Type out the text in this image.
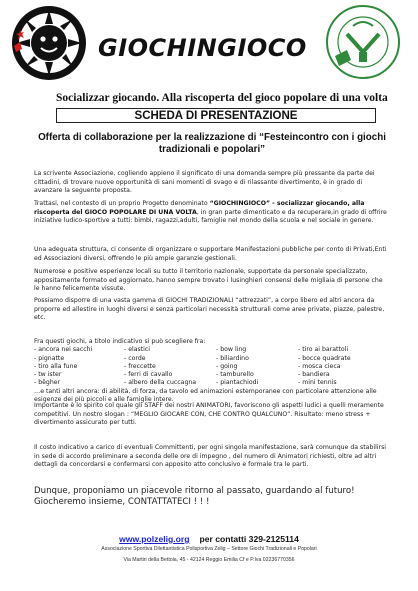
GIOCHINGIOCO
Socializzar giocando. Alla riscoperta del gioco popolare di una volta
SCHEDA DI PRESENTAZIONE
Offerta di collaborazione per la realizzazione di “Festeincontro con i giochi tradizionali e popolari”
La scrivente Associazione, cogliendo appieno il significato di una domanda sempre più pressante da parte dei cittadini, di trovare nuove opportunità di sani momenti di svago e di rilassante divertimento, è in grado di avanzare la seguente proposta.
Trattasi, nel contesto di un proprio Progetto denominato “GIOCHINGIOCO” - socializzar giocando, alla riscoperta del GIOCO POPOLARE DI UNA VOLTA, in gran parte dimenticato e da recuperare,in grado di offrire iniziative ludico-sportive a tutti: bimbi, ragazzi,adulti, famiglie nel mondo della scuola e nel sociale in genere.
Una adeguata struttura, ci consente di organizzare o supportare Manifestazioni pubbliche per conto di Privati,Enti ed Associazioni diversi, offrendo le più ampie garanzie gestionali.
Numerose e positive esperienze locali su tutto il territorio nazionale, supportate da personale specializzato, appositamente formato ed aggiornato, hanno sempre trovato i lusinghieri consensi delle migliaia di persone che le hanno felicemente vissute.
Possiamo disporre di una vasta gamma di GIOCHI TRADIZIONALI “attrezzati”, a corpo libero ed altri ancora da proporre ed allestire in luoghi diversi e senza particolari necessità strutturali come aree private, piazze, palestre, etc.
Fra questi giochi, a titolo indicativo si può scegliere fra:
- ancora nei sacchi	- elastici	- bow ling	- tiro ai barattoli
- pignatte	- corde	- biliardino	- bocce quadrate
- tiro alla fune	- freccette	- going	- mosca cieca
- tw ister	- ferri di cavallo	- tamburello	- bandiera
- bëgher	- albero della cuccagna	- piantachiodi	- mini tennis
…e tanti altri ancora: di abilità, di forza, da tavolo ed animazioni estemporanee con particolare attenzione alle esigenze dei più piccoli e alle famiglie intere.
Importante è lo spirito col quale gli STAFF dei nostri ANIMATORI, favoriscono gli aspetti ludici a quelli meramente competitivi. Un nostro slogan : “MEGLIO GIOCARE CON, CHE CONTRO QUALCUNO”. Risultato: meno stress + divertimento assicurato per tutti.
Il costo indicativo a carico di eventuali Committenti, per ogni singola manifestazione, sarà comunque da stabilirsi in sede di accordo preliminare a seconda delle ore di impegno , del numero di Animatori richiesti, oltre ad altri dettagli da concordarsi e confermarsi con apposito atto conclusivo e formale tra le parti.
Dunque, proponiamo un piacevole ritorno al passato, guardando al futuro!
Giocheremo insieme, CONTATTATECI ! ! !
www.polzelig.org per contatti 329-2125114
Associazione Sportiva Dilettantistica Polisportiva Zelig – Settore Giochi Tradizionali e Popolari
Via Martiri della Bettola, 45 - 42124 Reggio Emilia Cf e P.Iva 02236770356
